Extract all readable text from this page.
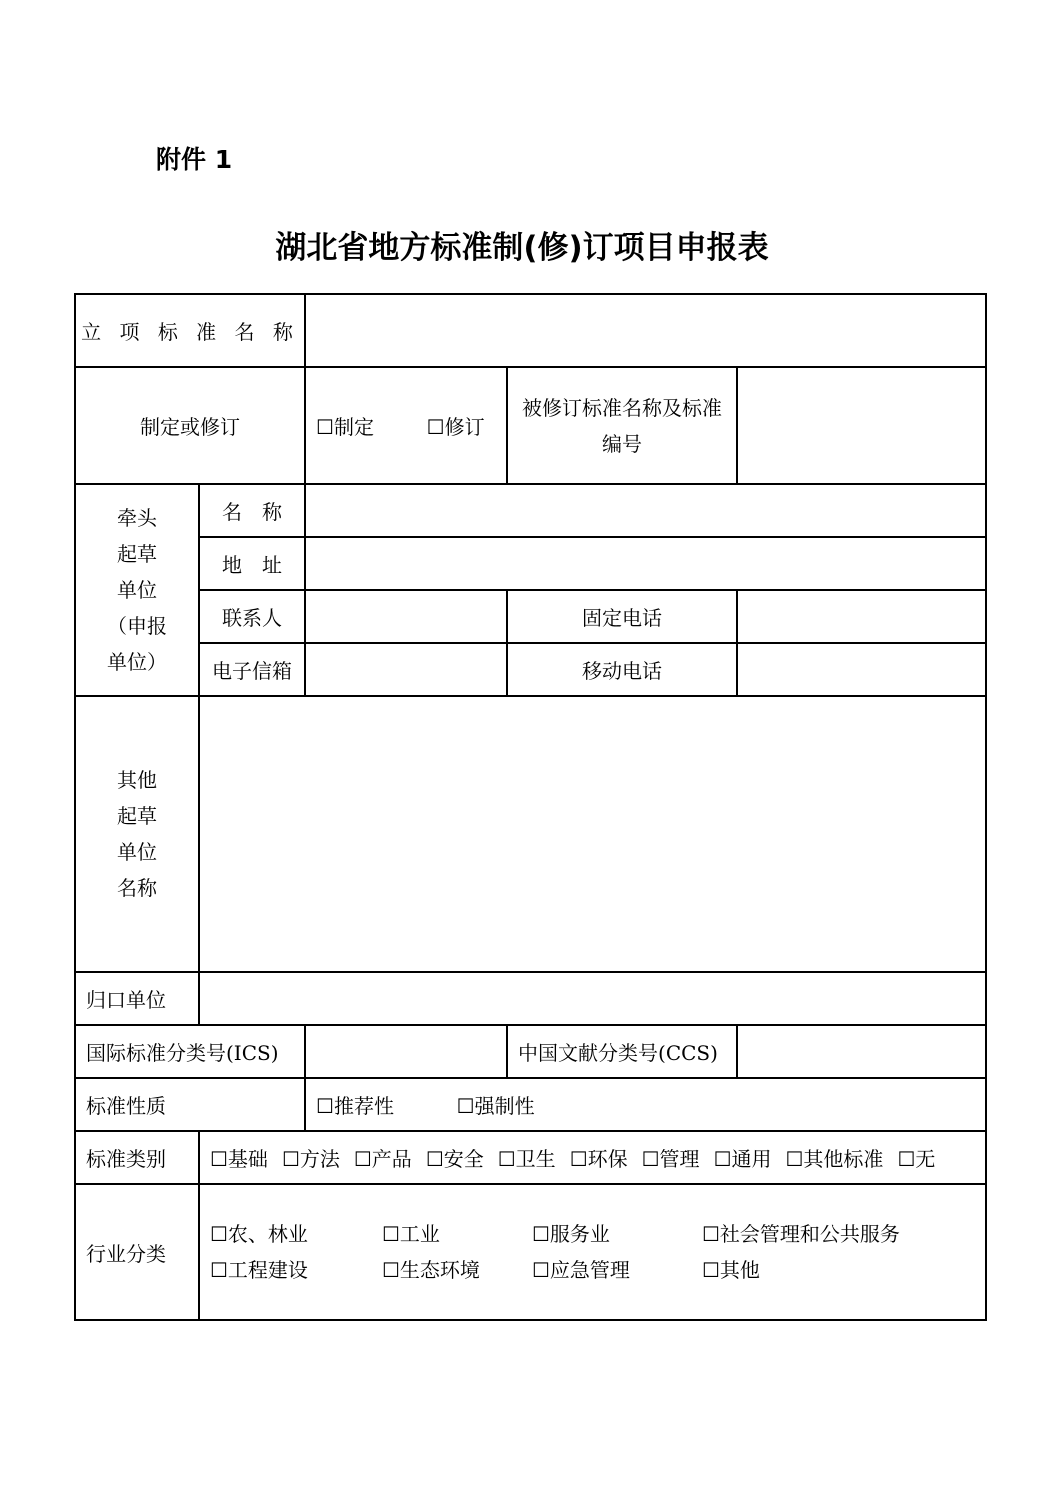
附件 1
湖北省地方标准制(修)订项目申报表
立 项 标 准 名 称				
制定或修订		☐制定 ☐修订	被修订标准名称及标准编号	

牵头
起草
单位
（申报
单位）	名　称			
	地　址			
	联系人		固定电话	
	电子信箱		移动电话	

其他
起草
单位
名称				

归口单位				
国际标准分类号(ICS)			中国文献分类号(CCS)	
标准性质		☐推荐性 ☐强制性		
标准类别	☐基础 ☐方法 ☐产品 ☐安全 ☐卫生 ☐环保 ☐管理 ☐通用 ☐其他标准 ☐无			
行业分类	☐农、林业 ☐工业 ☐服务业 ☐社会管理和公共服务
☐工程建设 ☐生态环境 ☐应急管理 ☐其他			
